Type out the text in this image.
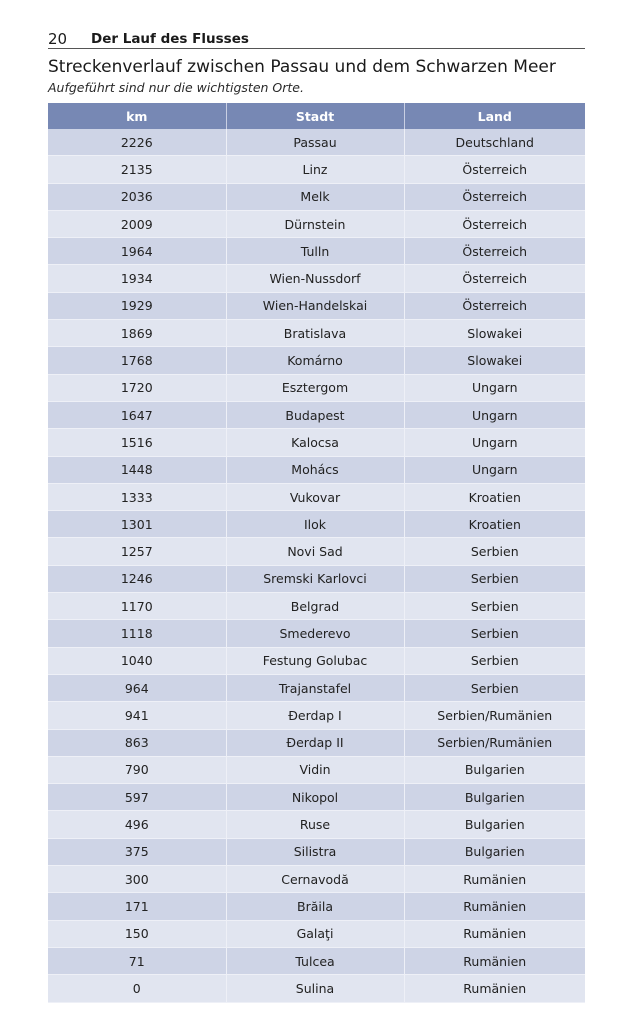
20	Der Lauf des Flusses
Streckenverlauf zwischen Passau und dem Schwarzen Meer
Aufgeführt sind nur die wichtigsten Orte.
km	Stadt	Land
2226	Passau	Deutschland
2135	Linz	Österreich
2036	Melk	Österreich
2009	Dürnstein	Österreich
1964	Tulln	Österreich
1934	Wien-Nussdorf	Österreich
1929	Wien-Handelskai	Österreich
1869	Bratislava	Slowakei
1768	Komárno	Slowakei
1720	Esztergom	Ungarn
1647	Budapest	Ungarn
1516	Kalocsa	Ungarn
1448	Mohács	Ungarn
1333	Vukovar	Kroatien
1301	Ilok	Kroatien
1257	Novi Sad	Serbien
1246	Sremski Karlovci	Serbien
1170	Belgrad	Serbien
1118	Smederevo	Serbien
1040	Festung Golubac	Serbien
964	Trajanstafel	Serbien
941	Đerdap I	Serbien/Rumänien
863	Đerdap II	Serbien/Rumänien
790	Vidin	Bulgarien
597	Nikopol	Bulgarien
496	Ruse	Bulgarien
375	Silistra	Bulgarien
300	Cernavodă	Rumänien
171	Brăila	Rumänien
150	Galaţi	Rumänien
71	Tulcea	Rumänien
0	Sulina	Rumänien
